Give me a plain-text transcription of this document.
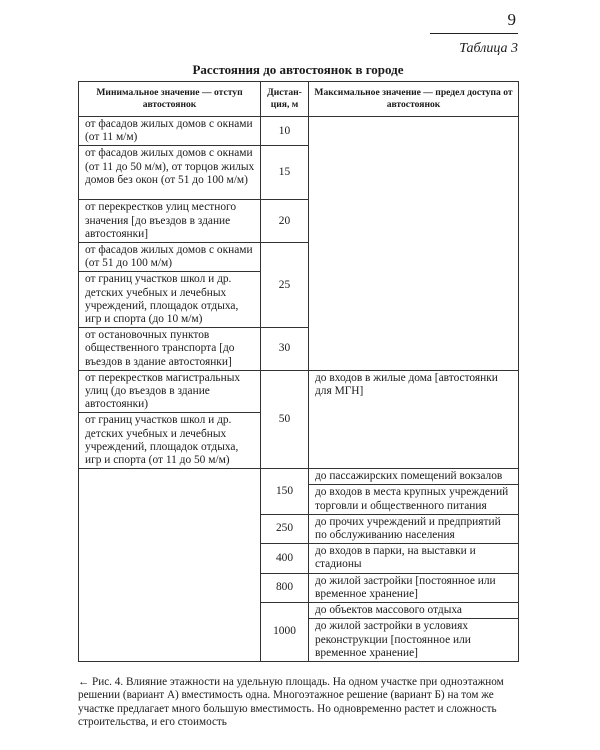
9
Таблица 3
Расстояния до автостоянок в городе
Минимальное значение — отступ автостоянок	Дистан-ция, м	Максимальное значение — предел доступа от автостоянок
от фасадов жилых домов с окнами (от 11 м/м)	10	
от фасадов жилых домов с окнами (от 11 до 50 м/м), от торцов жилых домов без окон (от 51 до 100 м/м)	15	
от перекрестков улиц местного значения [до въездов в здание автостоянки]	20	
от фасадов жилых домов с окнами (от 51 до 100 м/м)	25	
от границ участков школ и др. детских учебных и лечебных учреждений, площадок отдыха, игр и спорта (до 10 м/м)		
от остановочных пунктов общественного транспорта [до въездов в здание автостоянки]	30	
от перекрестков магистральных улиц (до въездов в здание автостоянки)	50	до входов в жилые дома [автостоянки для МГН]
от границ участков школ и др. детских учебных и лечебных учреждений, площадок отдыха, игр и спорта (от 11 до 50 м/м)		
	150	до пассажирских помещений вокзалов
		до входов в места крупных учреждений торговли и общественного питания
	250	до прочих учреждений и предприятий по обслуживанию населения
	400	до входов в парки, на выставки и стадионы
	800	до жилой застройки [постоянное или временное хранение]
	1000	до объектов массового отдыха
		до жилой застройки в условиях реконструкции [постоянное или временное хранение]
← Рис. 4. Влияние этажности на удельную площадь. На одном участке при одноэтажном решении (вариант А) вместимость одна. Многоэтажное решение (вариант Б) на том же участке предлагает много большую вместимость. Но одновременно растет и сложность строительства, и его стоимость
